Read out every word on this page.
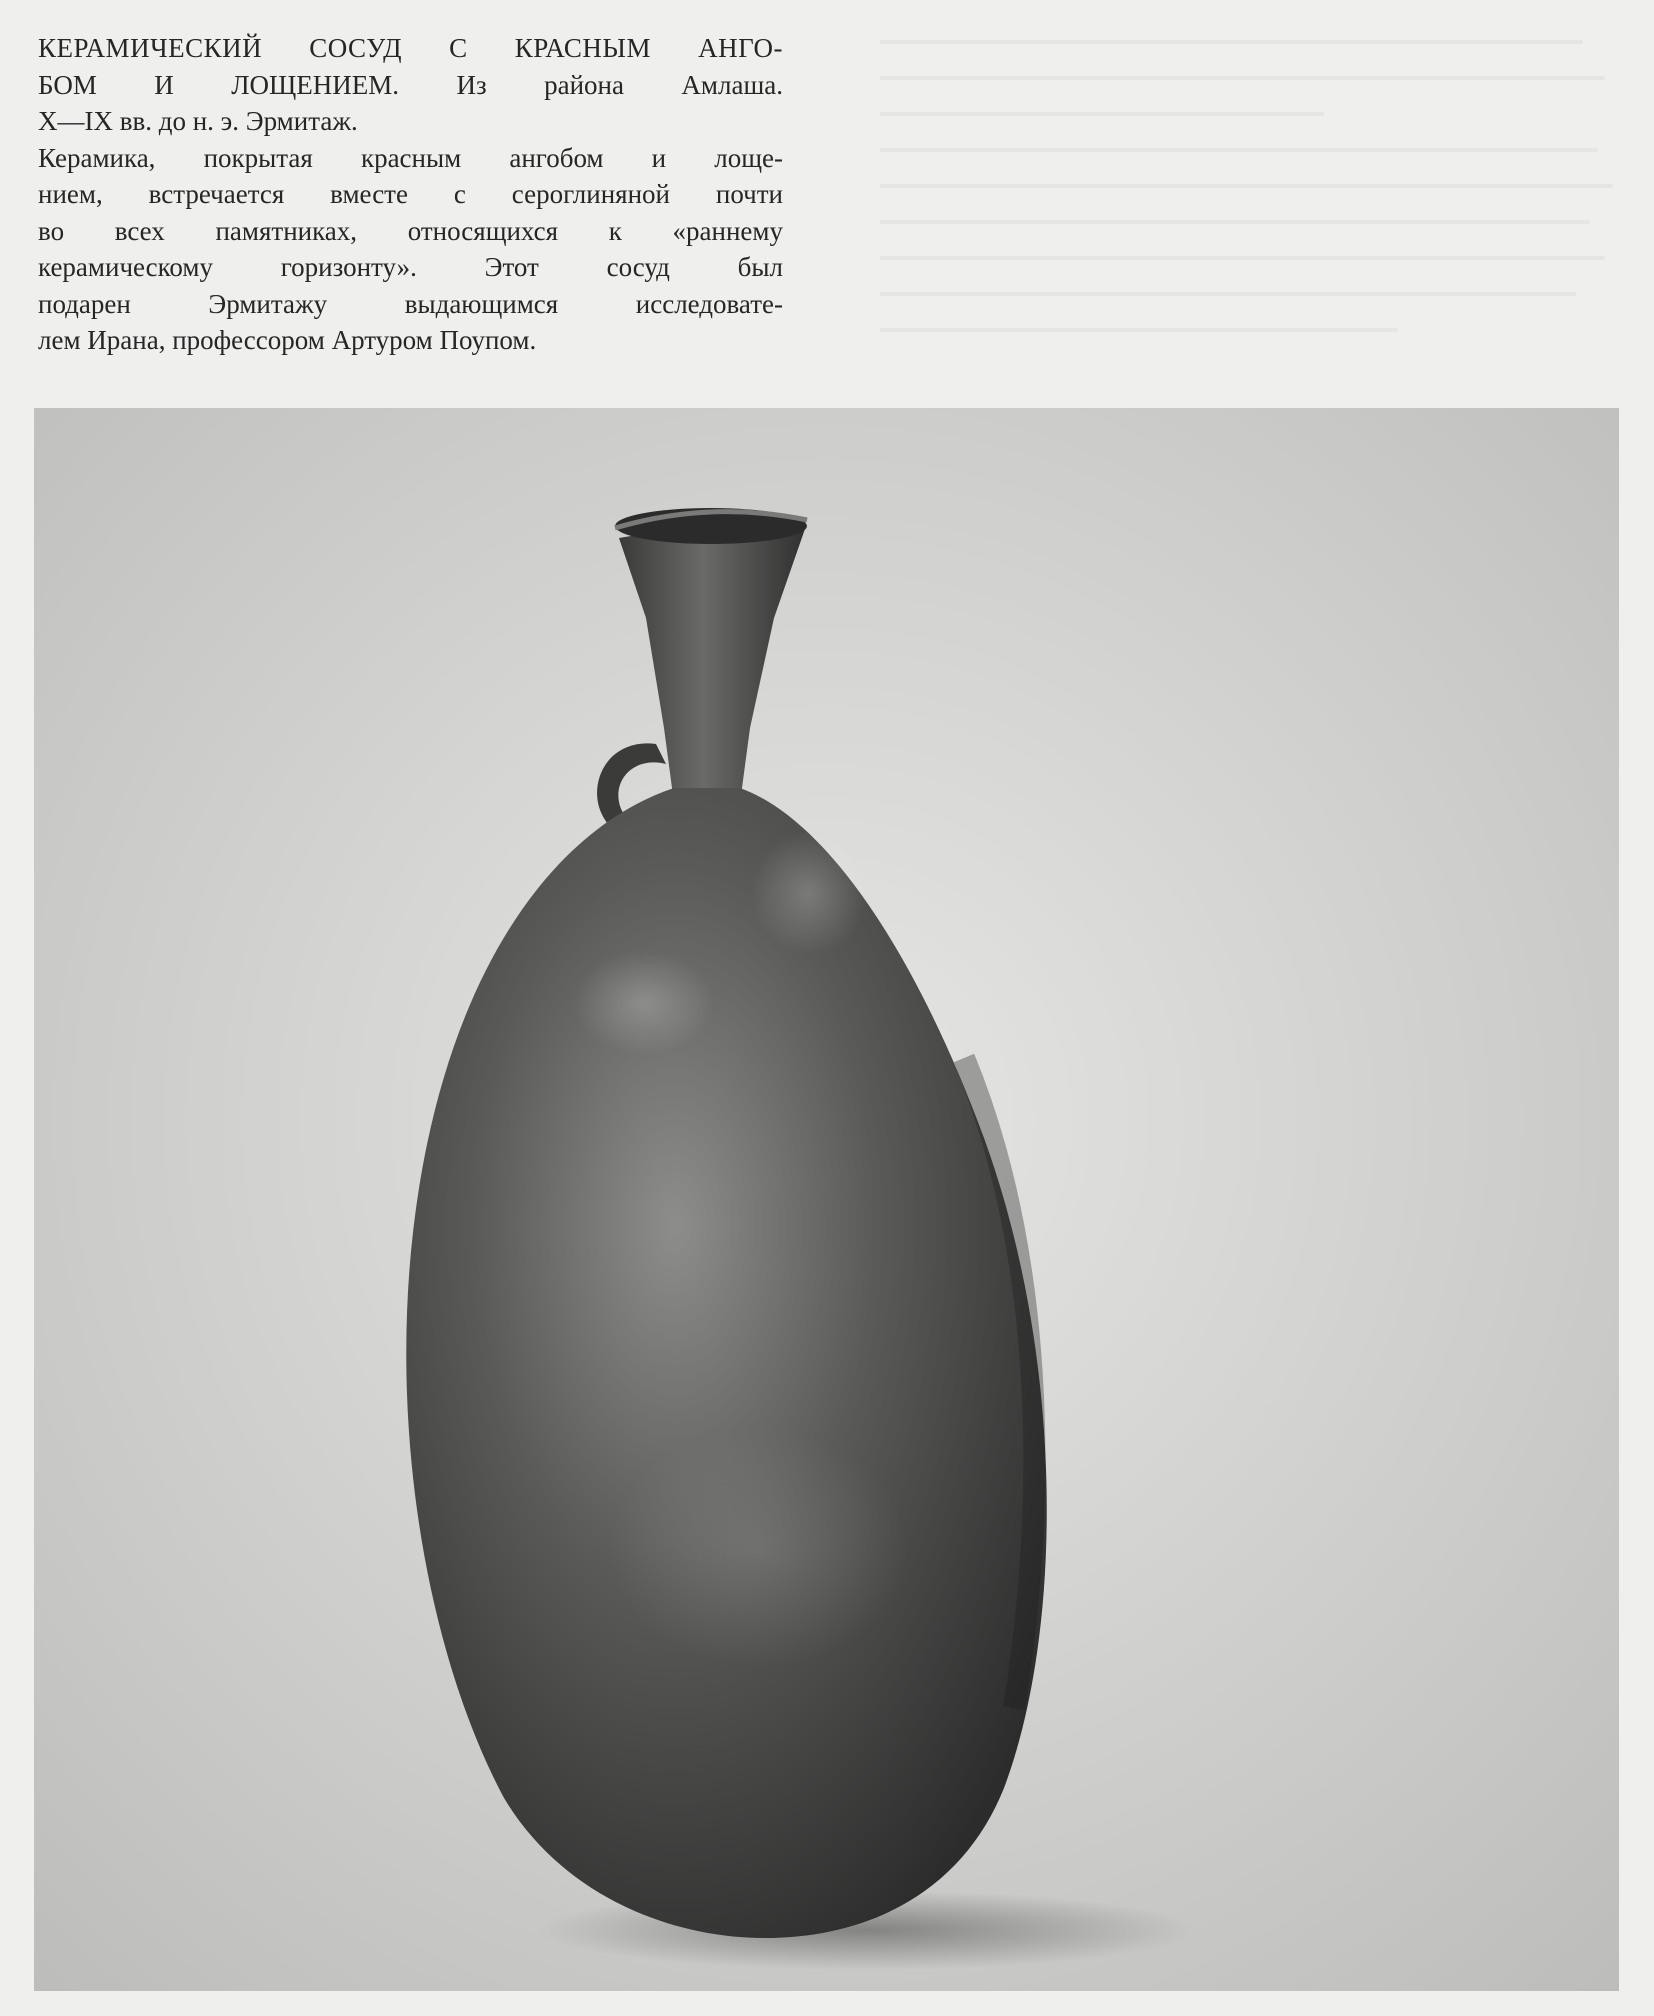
КЕРАМИЧЕСКИЙ СОСУД С КРАСНЫМ АНГО-
БОМ И ЛОЩЕНИЕМ. Из района Амлаша.
X—IX вв. до н. э. Эрмитаж.
Керамика, покрытая красным ангобом и лоще-
нием, встречается вместе с сероглиняной почти
во всех памятниках, относящихся к «раннему
керамическому горизонту». Этот сосуд был
подарен Эрмитажу выдающимся исследовате-
лем Ирана, профессором Артуром Поупом.
